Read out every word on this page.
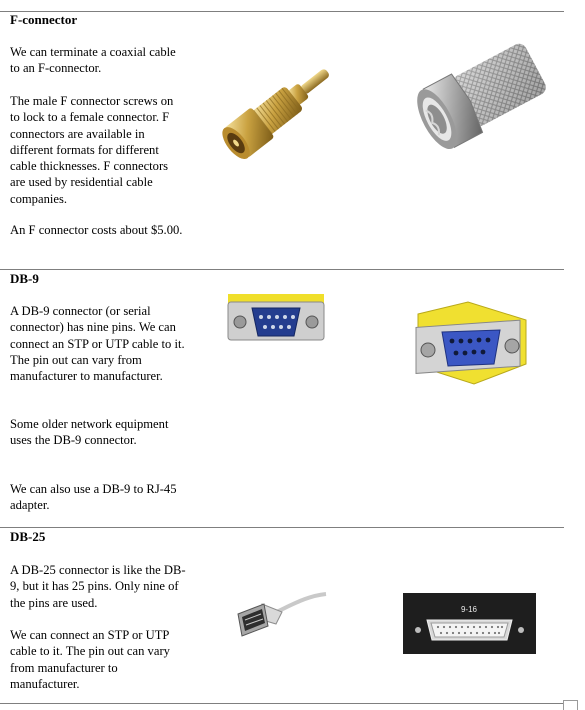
F-connector

We can terminate a coaxial cable to an F-connector.

The male F connector screws on to lock to a female connector. F connectors are available in different formats for different cable thicknesses. F connectors are used by residential cable companies.

An F connector costs about $5.00.

DB-9

A DB-9 connector (or serial connector) has nine pins. We can connect an STP or UTP cable to it. The pin out can vary from manufacturer to manufacturer.

Some older network equipment uses the DB-9 connector.

We can also use a DB-9 to RJ-45 adapter.

DB-25

A DB-25 connector is like the DB-9, but it has 25 pins. Only nine of the pins are used.

We can connect an STP or UTP cable to it. The pin out can vary from manufacturer to manufacturer.

9-16
